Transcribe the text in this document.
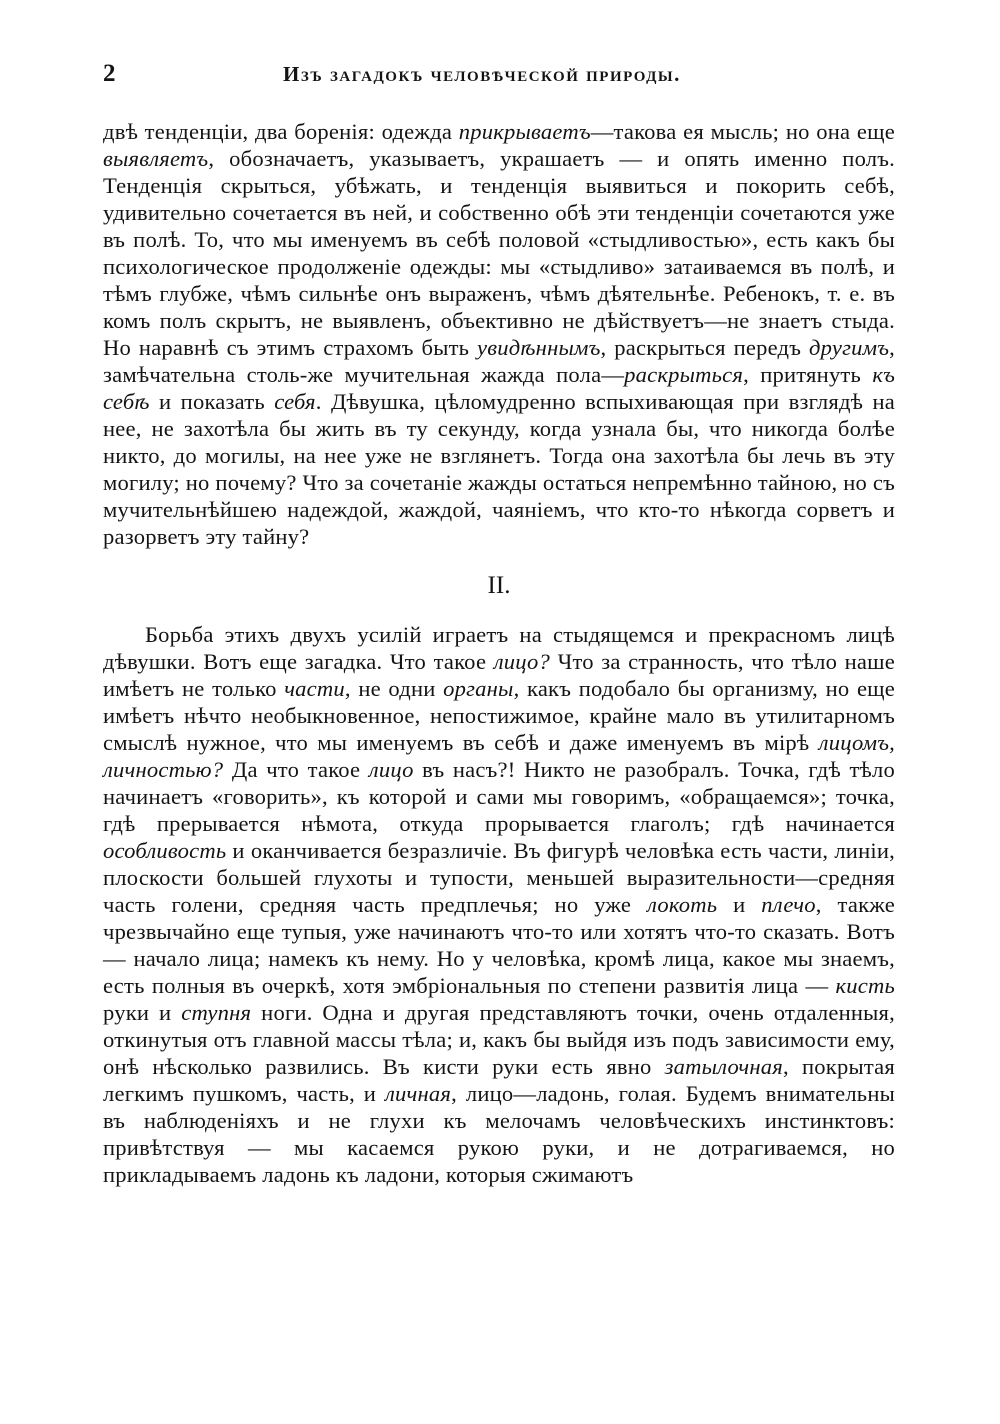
2	Изъ загадокъ человѣческой природы.

двѣ тенденціи, два боренія: одежда прикрываетъ—такова ея мысль; но она еще выявляетъ, обозначаетъ, указываетъ, украшаетъ — и опять именно полъ. Тенденція скрыться, убѣжать, и тенденція выявиться и покорить себѣ, удивительно сочетается въ ней, и собственно обѣ эти тенденціи сочетаются уже въ полѣ. То, что мы именуемъ въ себѣ половой «стыдливостью», есть какъ бы психологическое продолженіе одежды: мы «стыдливо» затаиваемся въ полѣ, и тѣмъ глубже, чѣмъ сильнѣе онъ выраженъ, чѣмъ дѣятельнѣе. Ребенокъ, т. е. въ комъ полъ скрытъ, не выявленъ, объективно не дѣйствуетъ—не знаетъ стыда. Но наравнѣ съ этимъ страхомъ быть увидѣннымъ, раскрыться передъ другимъ, замѣчательна столь-же мучительная жажда пола—раскрыться, притянуть къ себѣ и показать себя. Дѣвушка, цѣломудренно вспыхивающая при взглядѣ на нее, не захотѣла бы жить въ ту секунду, когда узнала бы, что никогда болѣе никто, до могилы, на нее уже не взглянетъ. Тогда она захотѣла бы лечь въ эту могилу; но почему? Что за сочетаніе жажды остаться непремѣнно тайною, но съ мучительнѣйшею надеждой, жаждой, чаяніемъ, что кто-то нѣкогда сорветъ и разорветъ эту тайну?

II.

Борьба этихъ двухъ усилій играетъ на стыдящемся и прекрасномъ лицѣ дѣвушки. Вотъ еще загадка. Что такое лицо? Что за странность, что тѣло наше имѣетъ не только части, не одни органы, какъ подобало бы организму, но еще имѣетъ нѣчто необыкновенное, непостижимое, крайне мало въ утилитарномъ смыслѣ нужное, что мы именуемъ въ себѣ и даже именуемъ въ мірѣ лицомъ, личностью? Да что такое лицо въ насъ?! Никто не разобралъ. Точка, гдѣ тѣло начинаетъ «говорить», къ которой и сами мы говоримъ, «обращаемся»; точка, гдѣ прерывается нѣмота, откуда прорывается глаголъ; гдѣ начинается особливость и оканчивается безразличіе. Въ фигурѣ человѣка есть части, линіи, плоскости большей глухоты и тупости, меньшей выразительности—средняя часть голени, средняя часть предплечья; но уже локоть и плечо, также чрезвычайно еще тупыя, уже начинаютъ что-то или хотятъ что-то сказать. Вотъ — начало лица; намекъ къ нему. Но у человѣка, кромѣ лица, какое мы знаемъ, есть полныя въ очеркѣ, хотя эмбріональныя по степени развитія лица — кисть руки и ступня ноги. Одна и другая представляютъ точки, очень отдаленныя, откинутыя отъ главной массы тѣла; и, какъ бы выйдя изъ подъ зависимости ему, онѣ нѣсколько развились. Въ кисти руки есть явно затылочная, покрытая легкимъ пушкомъ, часть, и личная, лицо—ладонь, голая. Будемъ внимательны въ наблюденіяхъ и не глухи къ мелочамъ человѣческихъ инстинктовъ: привѣтствуя — мы касаемся рукою руки, и не дотрагиваемся, но прикладываемъ ладонь къ ладони, которыя сжимаютъ
